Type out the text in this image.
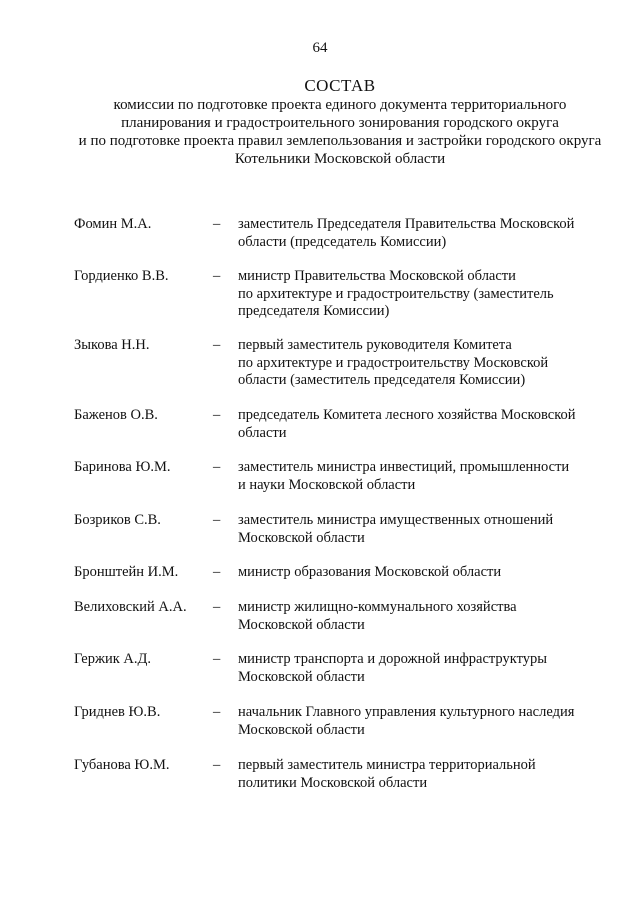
64
СОСТАВ
комиссии по подготовке проекта единого документа территориального
планирования и градостроительного зонирования городского округа
и по подготовке проекта правил землепользования и застройки городского округа
Котельники Московской области
Фомин М.А.	– заместитель Председателя Правительства Московской
области (председатель Комиссии)
Гордиенко В.В.	– министр Правительства Московской области
по архитектуре и градостроительству (заместитель
председателя Комиссии)
Зыкова Н.Н.	– первый заместитель руководителя Комитета
по архитектуре и градостроительству Московской
области (заместитель председателя Комиссии)
Баженов О.В.	– председатель Комитета лесного хозяйства Московской
области
Баринова Ю.М.	– заместитель министра инвестиций, промышленности
и науки Московской области
Бозриков С.В.	– заместитель министра имущественных отношений
Московской области
Бронштейн И.М. – министр образования Московской области
Велиховский А.А. – министр жилищно-коммунального хозяйства
Московской области
Гержик А.Д.	– министр транспорта и дорожной инфраструктуры
Московской области
Гриднев Ю.В.	– начальник Главного управления культурного наследия
Московской области
Губанова Ю.М.	– первый заместитель министра территориальной
политики Московской области
